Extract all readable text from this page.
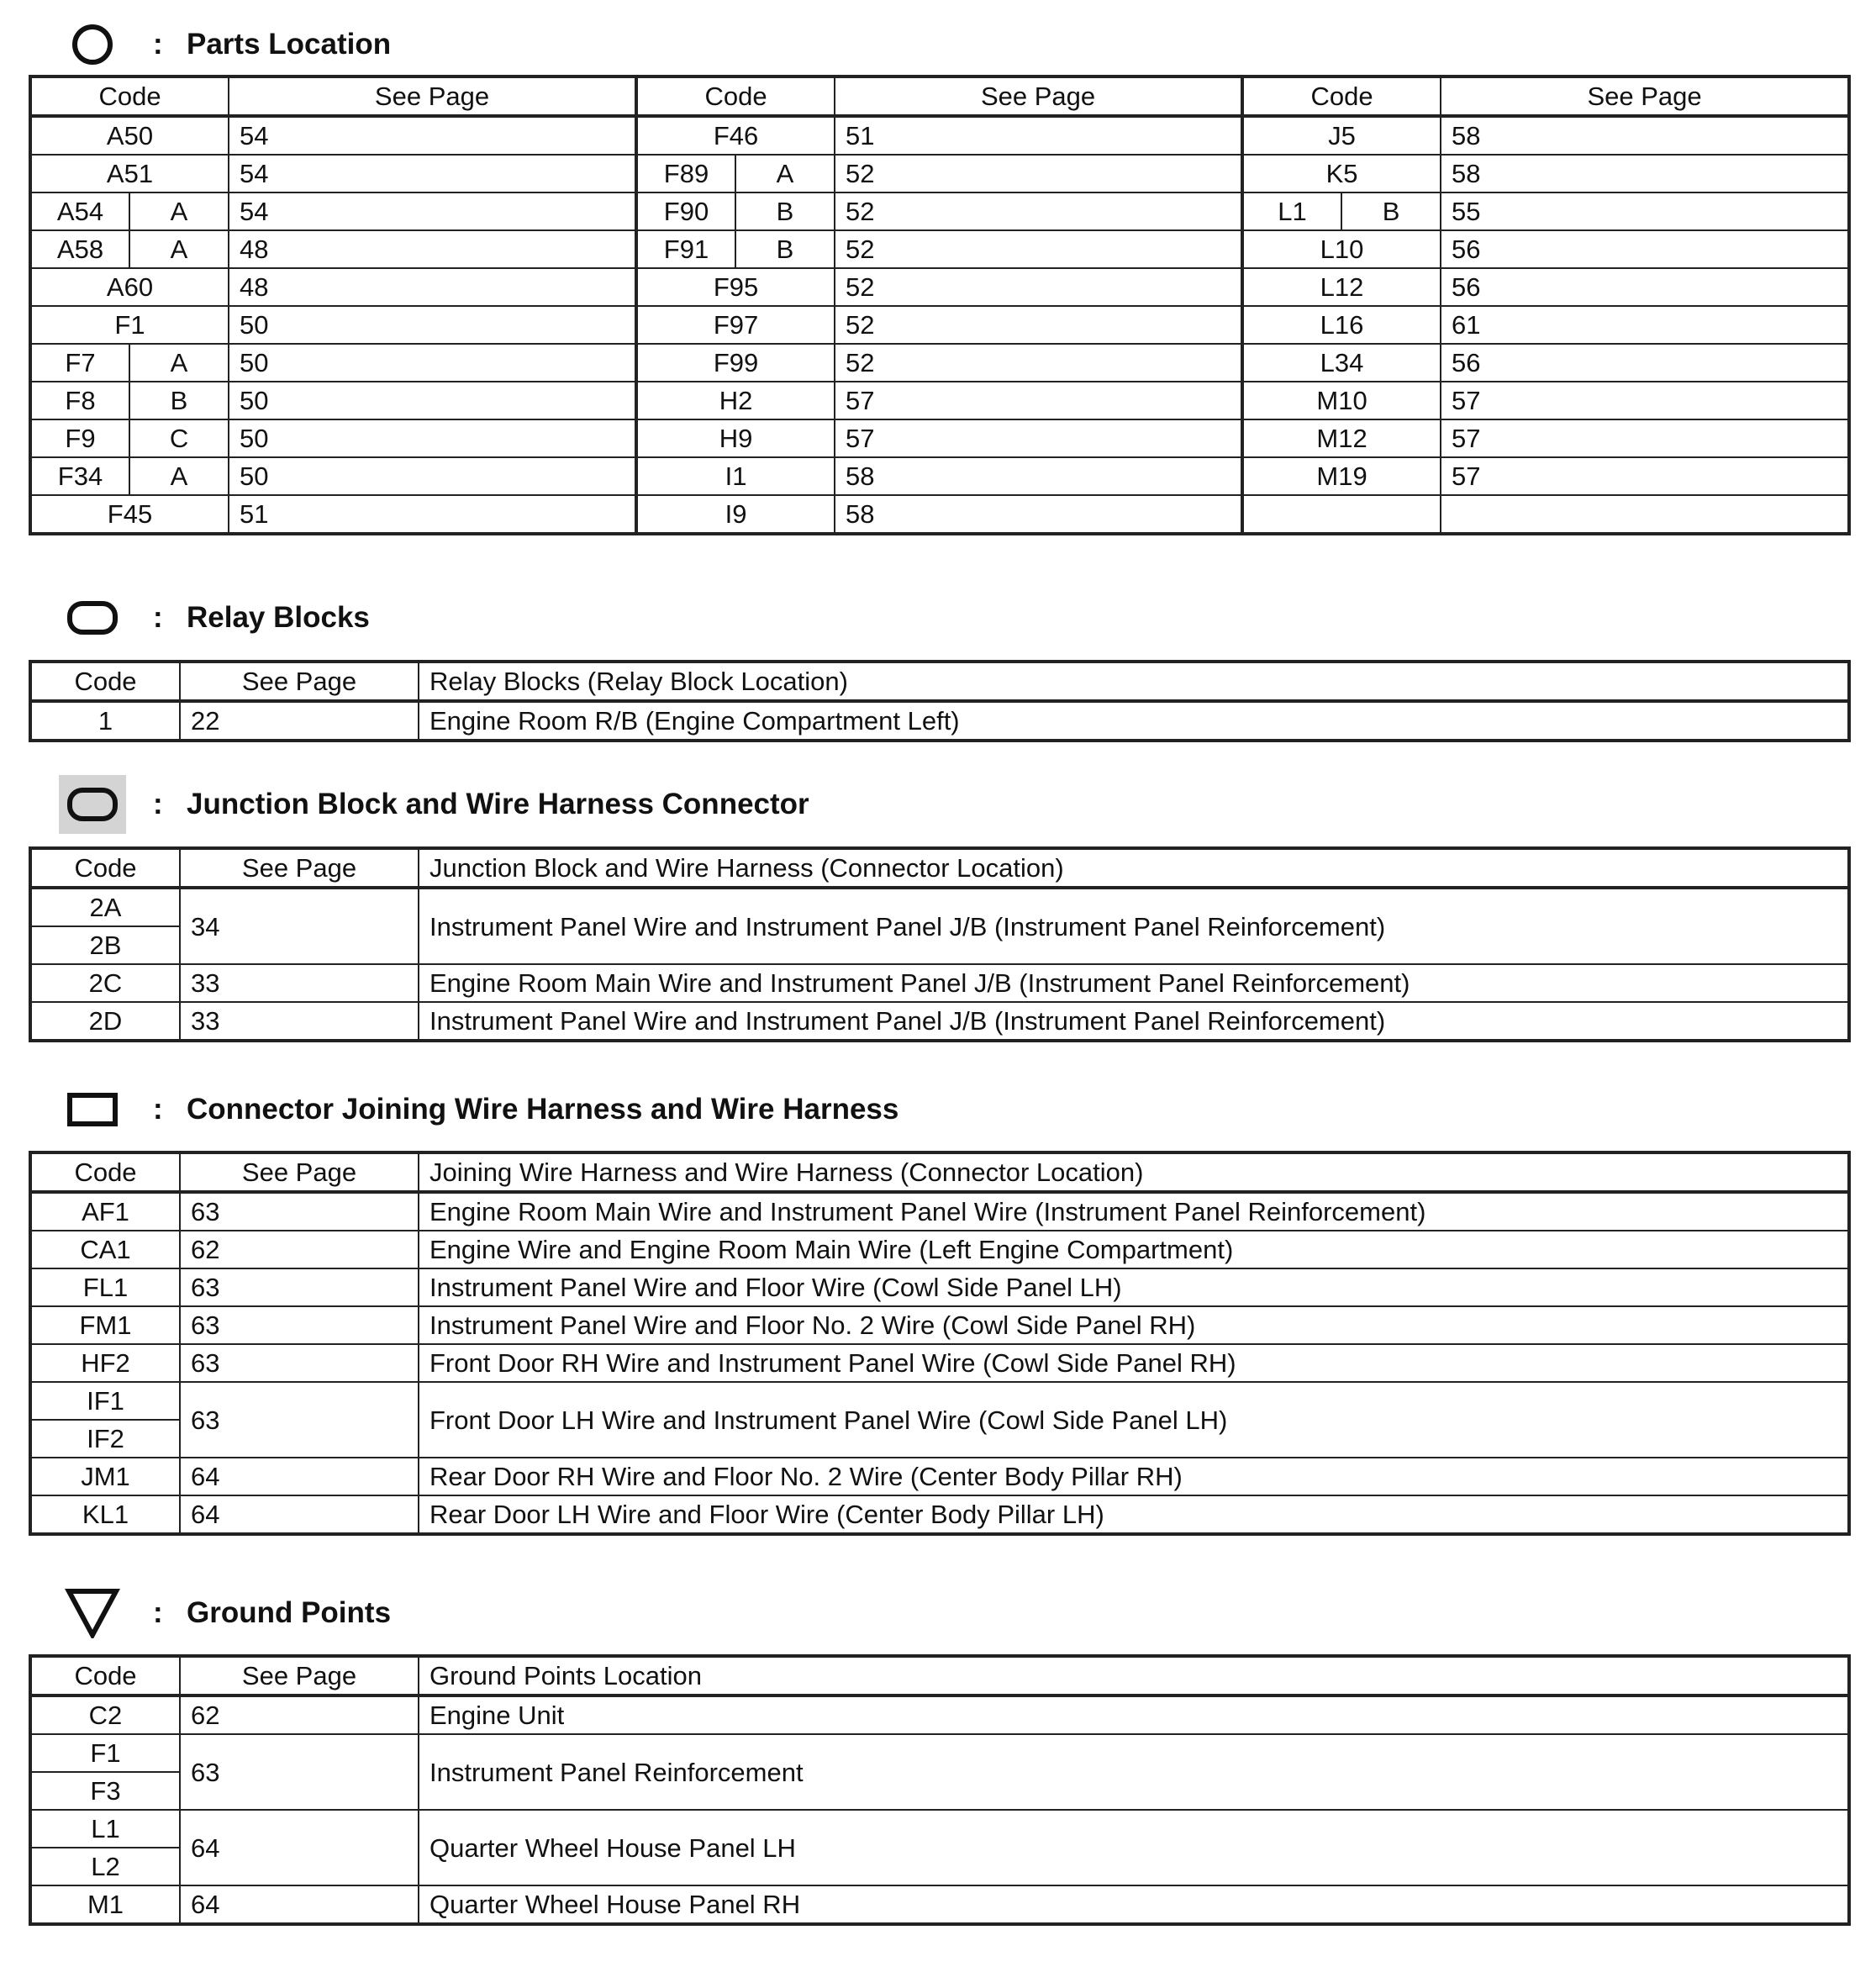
: Parts Location
Code		See Page	Code		See Page	Code		See Page
A50		54	F46		51	J5		58
A51		54	F89	A	52	K5		58
A54	A	54	F90	B	52	L1	B	55
A58	A	48	F91	B	52	L10		56
A60		48	F95		52	L12		56
F1		50	F97		52	L16		61
F7	A	50	F99		52	L34		56
F8	B	50	H2		57	M10		57
F9	C	50	H9		57	M12		57
F34	A	50	I1		58	M19		57
F45		51	I9		58			
: Relay Blocks
Code	See Page	Relay Blocks (Relay Block Location)
1	22	Engine Room R/B (Engine Compartment Left)
: Junction Block and Wire Harness Connector
Code	See Page	Junction Block and Wire Harness (Connector Location)
2A	34	Instrument Panel Wire and Instrument Panel J/B (Instrument Panel Reinforcement)
2B		
2C	33	Engine Room Main Wire and Instrument Panel J/B (Instrument Panel Reinforcement)
2D	33	Instrument Panel Wire and Instrument Panel J/B (Instrument Panel Reinforcement)
: Connector Joining Wire Harness and Wire Harness
Code	See Page	Joining Wire Harness and Wire Harness (Connector Location)
AF1	63	Engine Room Main Wire and Instrument Panel Wire (Instrument Panel Reinforcement)
CA1	62	Engine Wire and Engine Room Main Wire (Left Engine Compartment)
FL1	63	Instrument Panel Wire and Floor Wire (Cowl Side Panel LH)
FM1	63	Instrument Panel Wire and Floor No. 2 Wire (Cowl Side Panel RH)
HF2	63	Front Door RH Wire and Instrument Panel Wire (Cowl Side Panel RH)
IF1	63	Front Door LH Wire and Instrument Panel Wire (Cowl Side Panel LH)
IF2		
JM1	64	Rear Door RH Wire and Floor No. 2 Wire (Center Body Pillar RH)
KL1	64	Rear Door LH Wire and Floor Wire (Center Body Pillar LH)
: Ground Points
Code	See Page	Ground Points Location
C2	62	Engine Unit
F1	63	Instrument Panel Reinforcement
F3		
L1	64	Quarter Wheel House Panel LH
L2		
M1	64	Quarter Wheel House Panel RH
